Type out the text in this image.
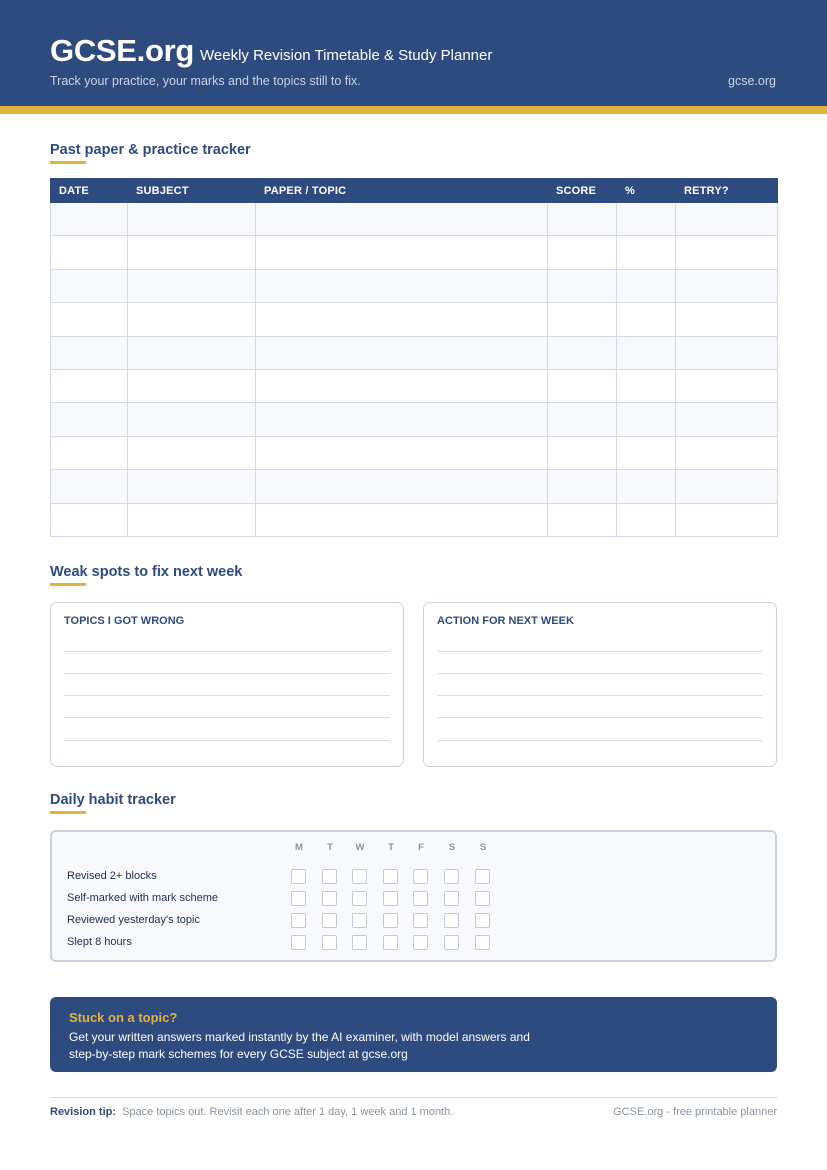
GCSE.org Weekly Revision Timetable & Study Planner
Track your practice, your marks and the topics still to fix.	gcse.org
Past paper & practice tracker
DATE	SUBJECT	PAPER / TOPIC	SCORE	%	RETRY?

Weak spots to fix next week
TOPICS I GOT WRONG	ACTION FOR NEXT WEEK
Daily habit tracker
M	T	W	T	F	S	S
Revised 2+ blocks
Self-marked with mark scheme
Reviewed yesterday's topic
Slept 8 hours
Stuck on a topic?
Get your written answers marked instantly by the AI examiner, with model answers and
step-by-step mark schemes for every GCSE subject at gcse.org
Revision tip: Space topics out. Revisit each one after 1 day, 1 week and 1 month.	GCSE.org - free printable planner
